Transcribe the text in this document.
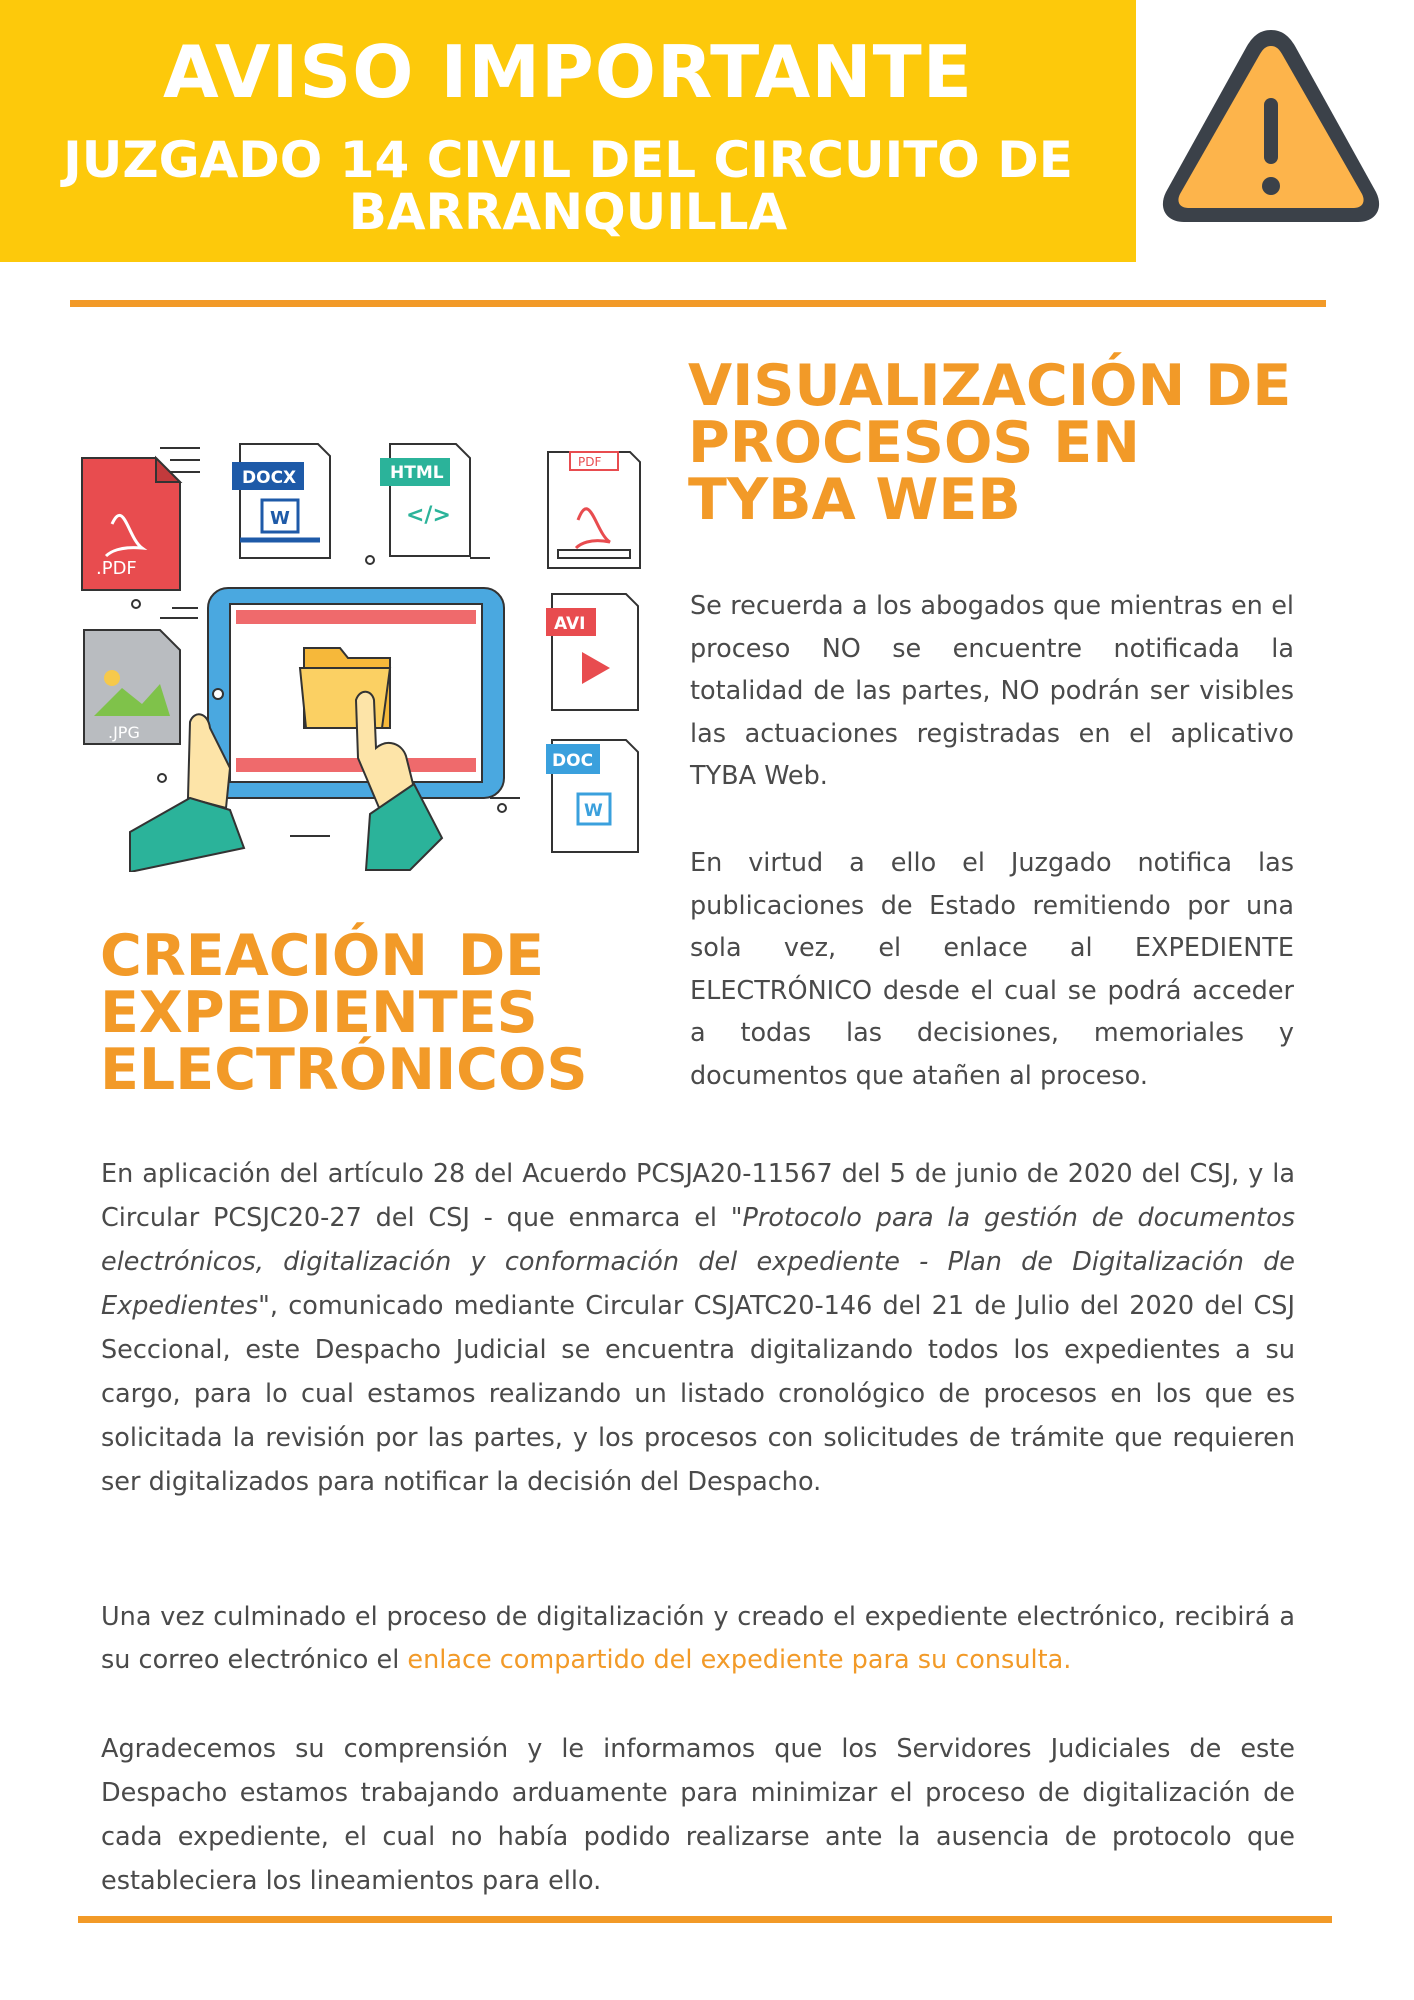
AVISO IMPORTANTE
JUZGADO 14 CIVIL DEL CIRCUITO DE BARRANQUILLA
.PDF
DOCX
W
HTML
</>
PDF
AVI
.JPG
DOC
W
VISUALIZACIÓN DE PROCESOS EN TYBA WEB

Se recuerda a los abogados que mientras en el proceso NO se encuentre notificada la totalidad de las partes, NO podrán ser visibles las actuaciones registradas en el aplicativo TYBA Web.

En virtud a ello el Juzgado notifica las publicaciones de Estado remitiendo por una sola vez, el enlace al EXPEDIENTE ELECTRÓNICO desde el cual se podrá acceder a todas las decisiones, memoriales y documentos que atañen al proceso.

CREACIÓN DE EXPEDIENTES ELECTRÓNICOS

En aplicación del artículo 28 del Acuerdo PCSJA20-11567 del 5 de junio de 2020 del CSJ, y la Circular PCSJC20-27 del CSJ - que enmarca el "Protocolo para la gestión de documentos electrónicos, digitalización y conformación del expediente - Plan de Digitalización de Expedientes", comunicado mediante Circular CSJATC20-146 del 21 de Julio del 2020 del CSJ Seccional, este Despacho Judicial se encuentra digitalizando todos los expedientes a su cargo, para lo cual estamos realizando un listado cronológico de procesos en los que es solicitada la revisión por las partes, y los procesos con solicitudes de trámite que requieren ser digitalizados para notificar la decisión del Despacho.

Una vez culminado el proceso de digitalización y creado el expediente electrónico, recibirá a su correo electrónico el enlace compartido del expediente para su consulta.

Agradecemos su comprensión y le informamos que los Servidores Judiciales de este Despacho estamos trabajando arduamente para minimizar el proceso de digitalización de cada expediente, el cual no había podido realizarse ante la ausencia de protocolo que estableciera los lineamientos para ello.
